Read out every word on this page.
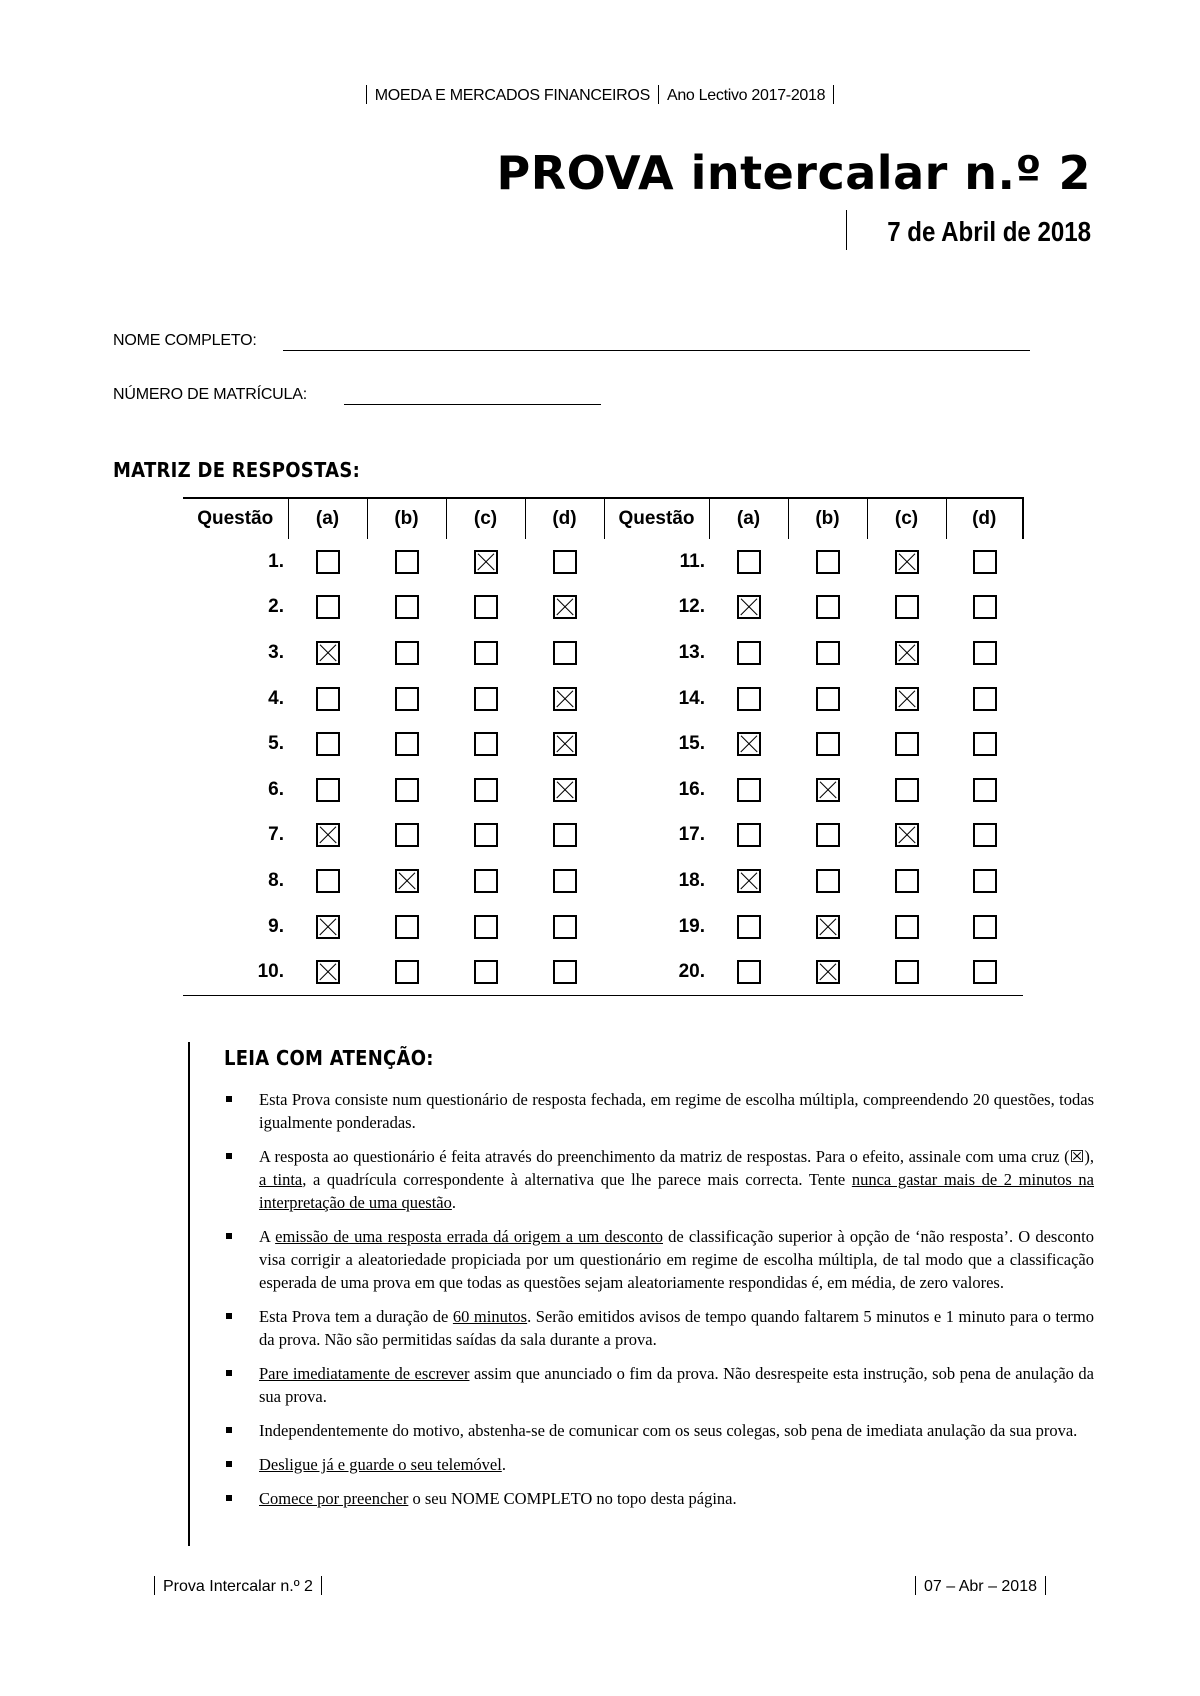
MOEDA E MERCADOS FINANCEIROS Ano Lectivo 2017-2018
PROVA intercalar n.º 2
7 de Abril de 2018
NOME COMPLETO:
NÚMERO DE MATRÍCULA:
MATRIZ DE RESPOSTAS:
Questão	(a)	(b)	(c)	(d)	Questão	(a)	(b)	(c)	(d)
1.					11.				
2.					12.				
3.					13.				
4.					14.				
5.					15.				
6.					16.				
7.					17.				
8.					18.				
9.					19.				
10.					20.				
LEIA COM ATENÇÃO:
Esta Prova consiste num questionário de resposta fechada, em regime de escolha múltipla, compreendendo 20 questões, todas igualmente ponderadas.
A resposta ao questionário é feita através do preenchimento da matriz de respostas. Para o efeito, assinale com uma cruz (☒), a tinta, a quadrícula correspondente à alternativa que lhe parece mais correcta. Tente nunca gastar mais de 2 minutos na interpretação de uma questão.
A emissão de uma resposta errada dá origem a um desconto de classificação superior à opção de ‘não resposta’. O desconto visa corrigir a aleatoriedade propiciada por um questionário em regime de escolha múltipla, de tal modo que a classificação esperada de uma prova em que todas as questões sejam aleatoriamente respondidas é, em média, de zero valores.
Esta Prova tem a duração de 60 minutos. Serão emitidos avisos de tempo quando faltarem 5 minutos e 1 minuto para o termo da prova. Não são permitidas saídas da sala durante a prova.
Pare imediatamente de escrever assim que anunciado o fim da prova. Não desrespeite esta instrução, sob pena de anulação da sua prova.
Independentemente do motivo, abstenha-se de comunicar com os seus colegas, sob pena de imediata anulação da sua prova.
Desligue já e guarde o seu telemóvel.
Comece por preencher o seu NOME COMPLETO no topo desta página.
Prova Intercalar n.º 2	07 – Abr – 2018
